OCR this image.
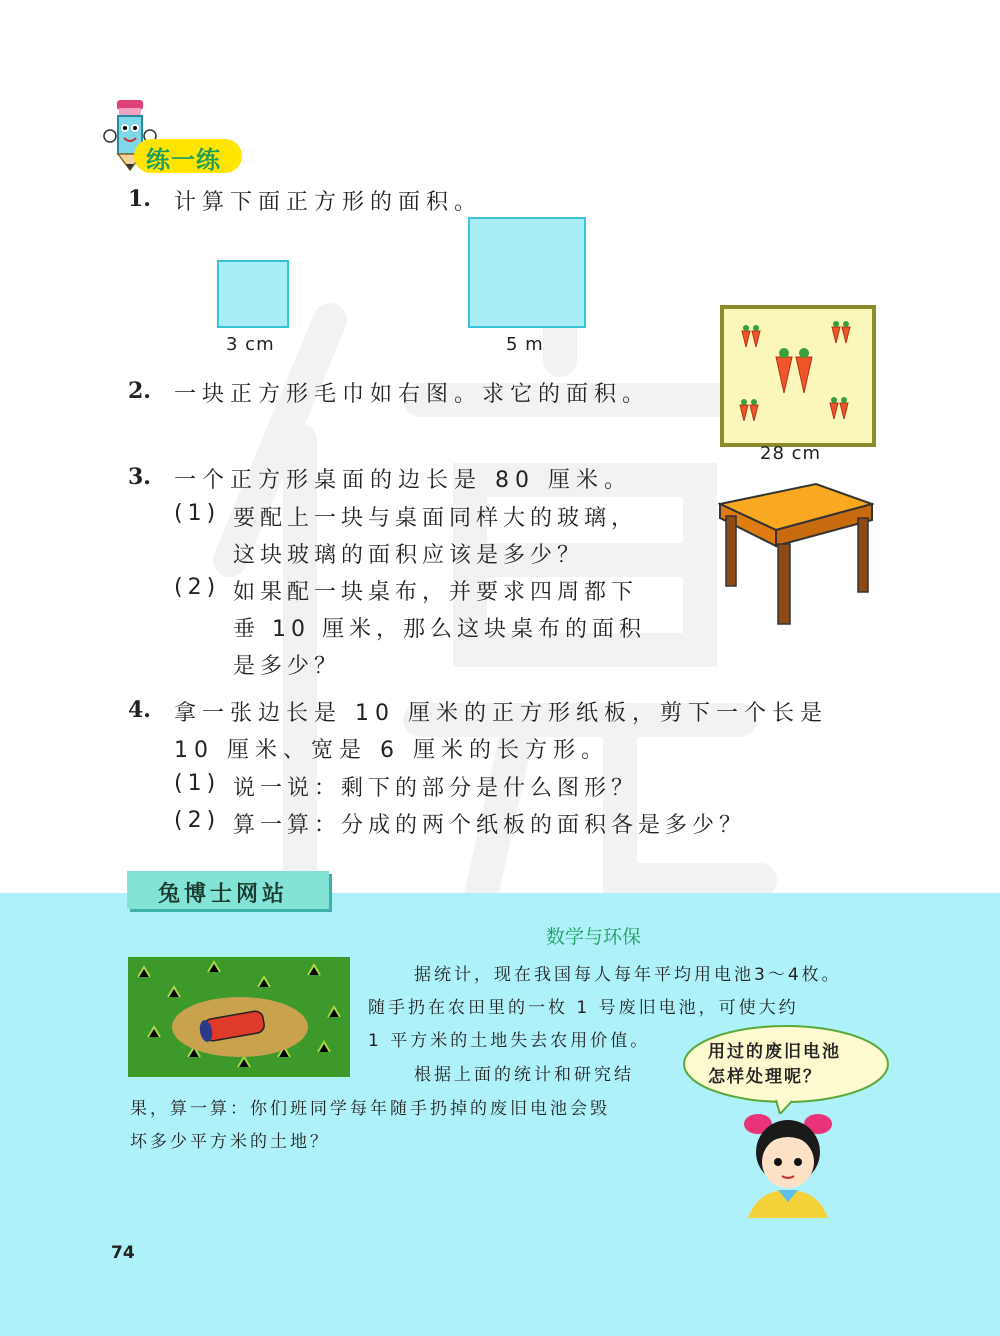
练一练
1. 计算下面正方形的面积。
3 cm	5 m
2. 一块正方形毛巾如右图。求它的面积。
28 cm
3. 一个正方形桌面的边长是 80 厘米。
(1) 要配上一块与桌面同样大的玻璃，
这块玻璃的面积应该是多少？
(2) 如果配一块桌布，并要求四周都下
垂 10 厘米，那么这块桌布的面积
是多少？
4. 拿一张边长是 10 厘米的正方形纸板，剪下一个长是
10 厘米、宽是 6 厘米的长方形。
(1) 说一说：剩下的部分是什么图形？
(2) 算一算：分成的两个纸板的面积各是多少？
兔博士网站
数学与环保
据统计，现在我国每人每年平均用电池3～4枚。
随手扔在农田里的一枚 1 号废旧电池，可使大约
1 平方米的土地失去农用价值。
根据上面的统计和研究结
果，算一算：你们班同学每年随手扔掉的废旧电池会毁
坏多少平方米的土地？
用过的废旧电池
怎样处理呢？
74
